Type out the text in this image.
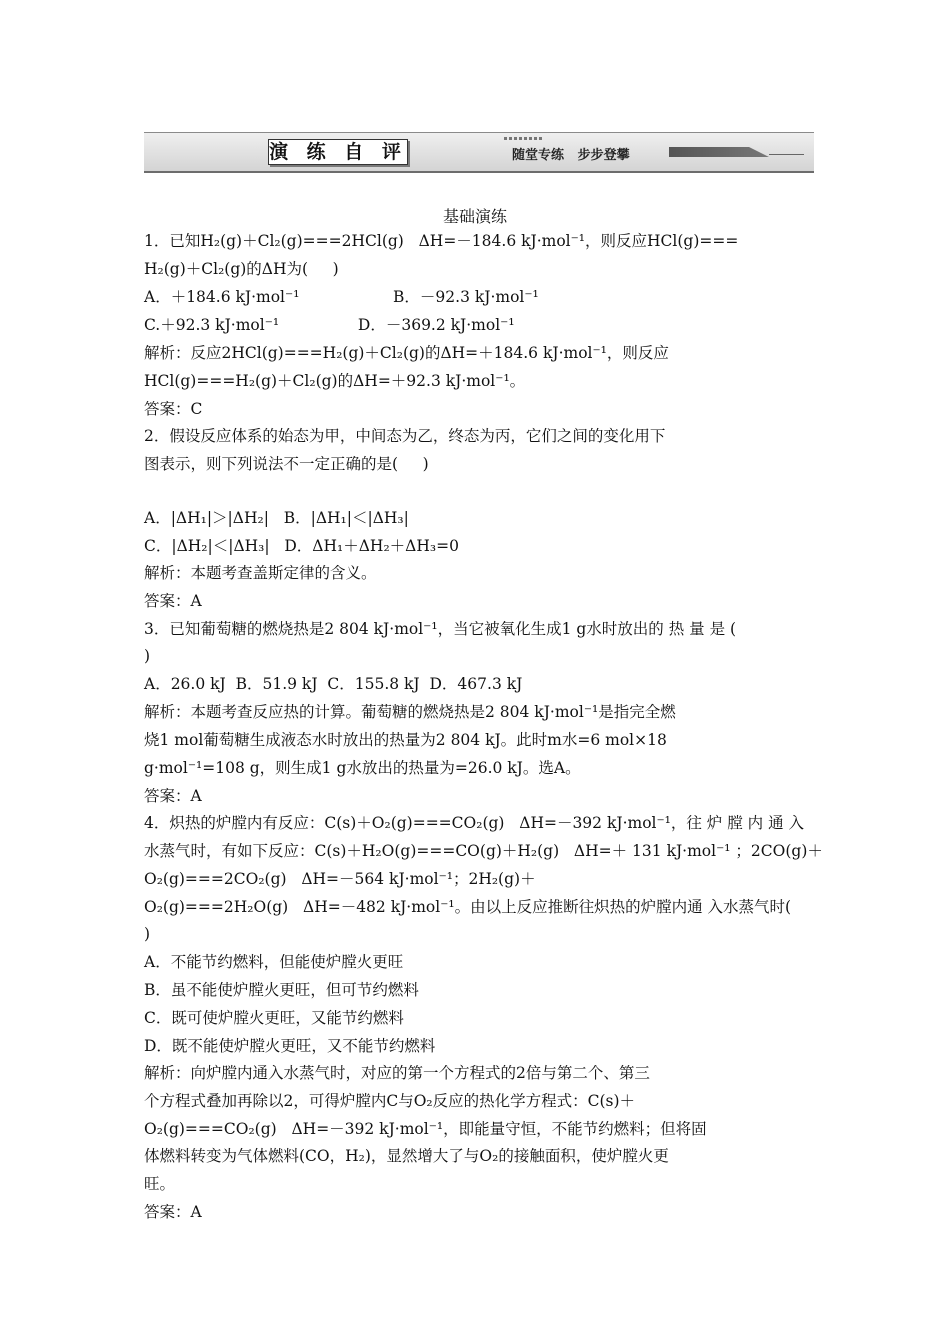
演 练 自 评	随堂专练   步步登攀
基础演练
1．已知H₂(g)＋Cl₂(g)===2HCl(g)   ΔH=－184.6 kJ·mol⁻¹，则反应HCl(g)===
H₂(g)＋Cl₂(g)的ΔH为(     )
A．＋184.6 kJ·mol⁻¹                   B．－92.3 kJ·mol⁻¹
C.＋92.3 kJ·mol⁻¹                D．－369.2 kJ·mol⁻¹
解析：反应2HCl(g)===H₂(g)＋Cl₂(g)的ΔH=＋184.6 kJ·mol⁻¹，则反应
HCl(g)===H₂(g)＋Cl₂(g)的ΔH=＋92.3 kJ·mol⁻¹。
答案：C
2．假设反应体系的始态为甲，中间态为乙，终态为丙，它们之间的变化用下
图表示，则下列说法不一定正确的是(     )
A．|ΔH₁|＞|ΔH₂|   B．|ΔH₁|＜|ΔH₃|
C．|ΔH₂|＜|ΔH₃|   D．ΔH₁＋ΔH₂＋ΔH₃=0
解析：本题考查盖斯定律的含义。
答案：A
3．已知葡萄糖的燃烧热是2 804 kJ·mol⁻¹，当它被氧化生成1 g水时放出的 热 量 是 (
)
A．26.0 kJ  B．51.9 kJ  C．155.8 kJ  D．467.3 kJ
解析：本题考查反应热的计算。葡萄糖的燃烧热是2 804 kJ·mol⁻¹是指完全燃
烧1 mol葡萄糖生成液态水时放出的热量为2 804 kJ。此时m水=6 mol×18
g·mol⁻¹=108 g，则生成1 g水放出的热量为=26.0 kJ。选A。
答案：A
4．炽热的炉膛内有反应：C(s)＋O₂(g)===CO₂(g)   ΔH=－392 kJ·mol⁻¹，往 炉 膛 内 通 入
水蒸气时，有如下反应：C(s)＋H₂O(g)===CO(g)＋H₂(g)   ΔH=＋ 131 kJ·mol⁻¹ ；2CO(g)＋
O₂(g)===2CO₂(g)   ΔH=－564 kJ·mol⁻¹；2H₂(g)＋
O₂(g)===2H₂O(g)   ΔH=－482 kJ·mol⁻¹。由以上反应推断往炽热的炉膛内通 入水蒸气时(
)
A．不能节约燃料，但能使炉膛火更旺
B．虽不能使炉膛火更旺，但可节约燃料
C．既可使炉膛火更旺，又能节约燃料
D．既不能使炉膛火更旺，又不能节约燃料
解析：向炉膛内通入水蒸气时，对应的第一个方程式的2倍与第二个、第三
个方程式叠加再除以2，可得炉膛内C与O₂反应的热化学方程式：C(s)＋
O₂(g)===CO₂(g)   ΔH=－392 kJ·mol⁻¹，即能量守恒，不能节约燃料；但将固
体燃料转变为气体燃料(CO，H₂)，显然增大了与O₂的接触面积，使炉膛火更
旺。
答案：A
